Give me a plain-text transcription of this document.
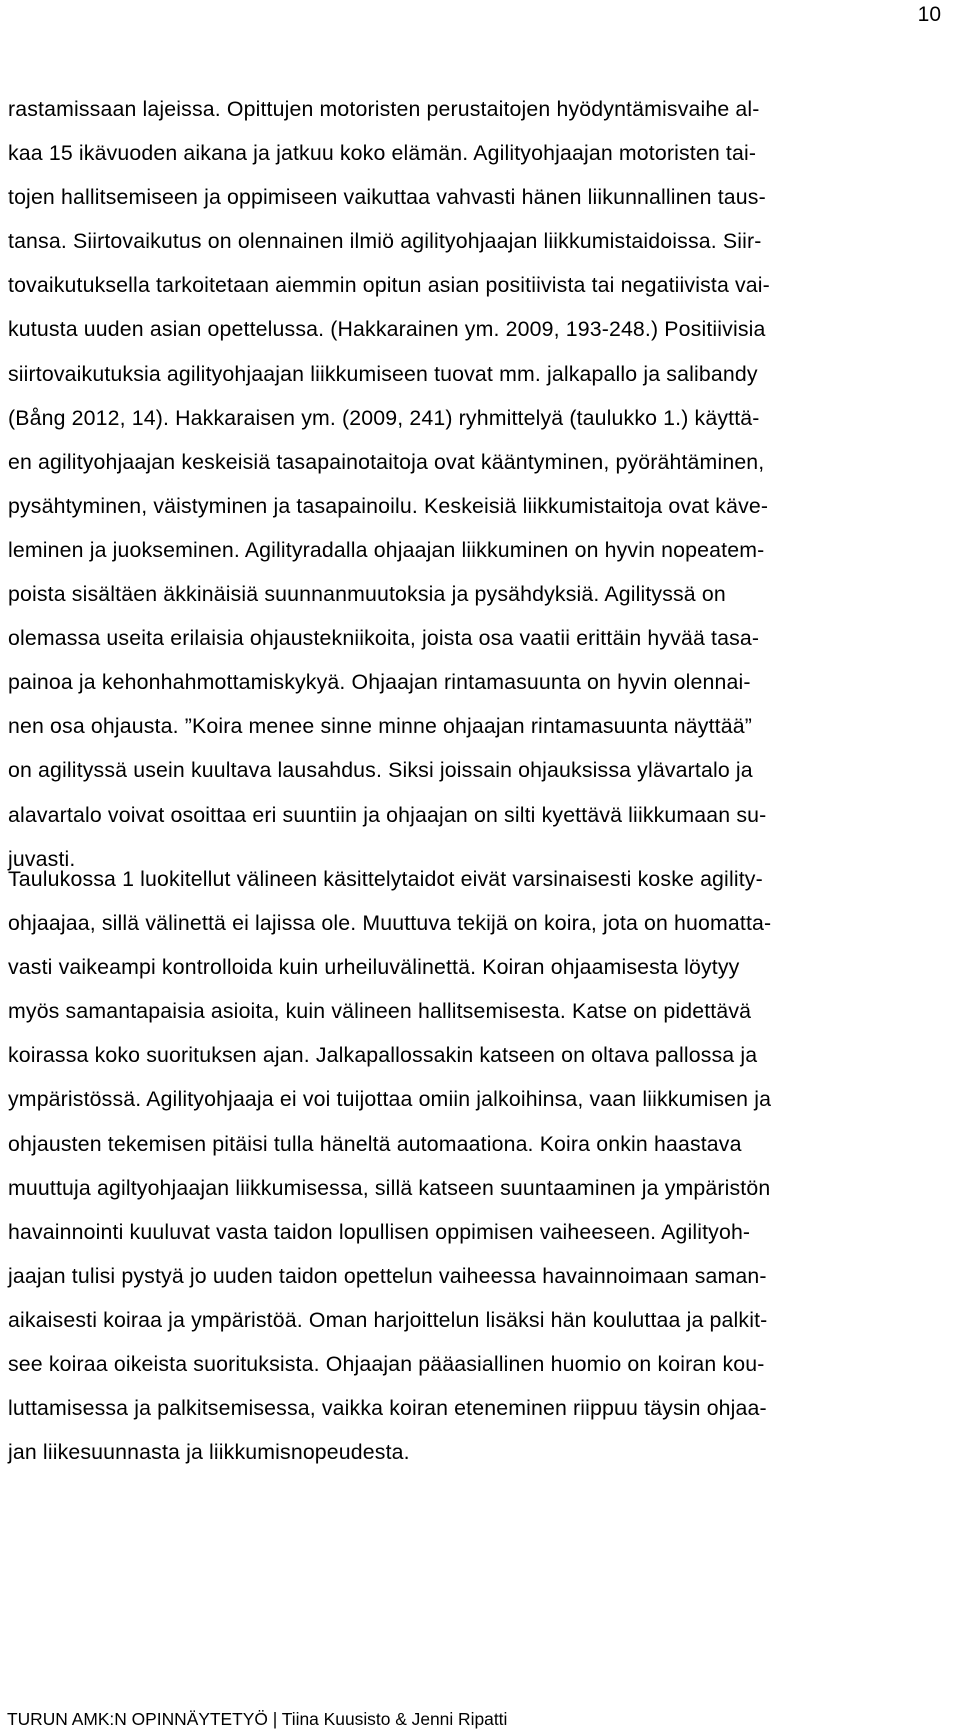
10
rastamissaan lajeissa. Opittujen motoristen perustaitojen hyödyntämisvaihe al-
kaa 15 ikävuoden aikana ja jatkuu koko elämän. Agilityohjaajan motoristen tai-
tojen hallitsemiseen ja oppimiseen vaikuttaa vahvasti hänen liikunnallinen taus-
tansa. Siirtovaikutus on olennainen ilmiö agilityohjaajan liikkumistaidoissa. Siir-
tovaikutuksella tarkoitetaan aiemmin opitun asian positiivista tai negatiivista vai-
kutusta uuden asian opettelussa. (Hakkarainen ym. 2009, 193-248.) Positiivisia
siirtovaikutuksia agilityohjaajan liikkumiseen tuovat mm. jalkapallo ja salibandy
(Bång 2012, 14). Hakkaraisen ym. (2009, 241) ryhmittelyä (taulukko 1.) käyttä-
en agilityohjaajan keskeisiä tasapainotaitoja ovat kääntyminen, pyörähtäminen,
pysähtyminen, väistyminen ja tasapainoilu. Keskeisiä liikkumistaitoja ovat käve-
leminen ja juokseminen. Agilityradalla ohjaajan liikkuminen on hyvin nopeatem-
poista sisältäen äkkinäisiä suunnanmuutoksia ja pysähdyksiä. Agilityssä on
olemassa useita erilaisia ohjaustekniikoita, joista osa vaatii erittäin hyvää tasa-
painoa ja kehonhahmottamiskykyä. Ohjaajan rintamasuunta on hyvin olennai-
nen osa ohjausta. ”Koira menee sinne minne ohjaajan rintamasuunta näyttää”
on agilityssä usein kuultava lausahdus. Siksi joissain ohjauksissa ylävartalo ja
alavartalo voivat osoittaa eri suuntiin ja ohjaajan on silti kyettävä liikkumaan su-
juvasti.
Taulukossa 1 luokitellut välineen käsittelytaidot eivät varsinaisesti koske agility-
ohjaajaa, sillä välinettä ei lajissa ole. Muuttuva tekijä on koira, jota on huomatta-
vasti vaikeampi kontrolloida kuin urheiluvälinettä. Koiran ohjaamisesta löytyy
myös samantapaisia asioita, kuin välineen hallitsemisesta. Katse on pidettävä
koirassa koko suorituksen ajan. Jalkapallossakin katseen on oltava pallossa ja
ympäristössä. Agilityohjaaja ei voi tuijottaa omiin jalkoihinsa, vaan liikkumisen ja
ohjausten tekemisen pitäisi tulla häneltä automaationa. Koira onkin haastava
muuttuja agiltyohjaajan liikkumisessa, sillä katseen suuntaaminen ja ympäristön
havainnointi kuuluvat vasta taidon lopullisen oppimisen vaiheeseen. Agilityoh-
jaajan tulisi pystyä jo uuden taidon opettelun vaiheessa havainnoimaan saman-
aikaisesti koiraa ja ympäristöä. Oman harjoittelun lisäksi hän kouluttaa ja palkit-
see koiraa oikeista suorituksista. Ohjaajan pääasiallinen huomio on koiran kou-
luttamisessa ja palkitsemisessa, vaikka koiran eteneminen riippuu täysin ohjaa-
jan liikesuunnasta ja liikkumisnopeudesta.
TURUN AMK:N OPINNÄYTETYÖ | Tiina Kuusisto & Jenni Ripatti
